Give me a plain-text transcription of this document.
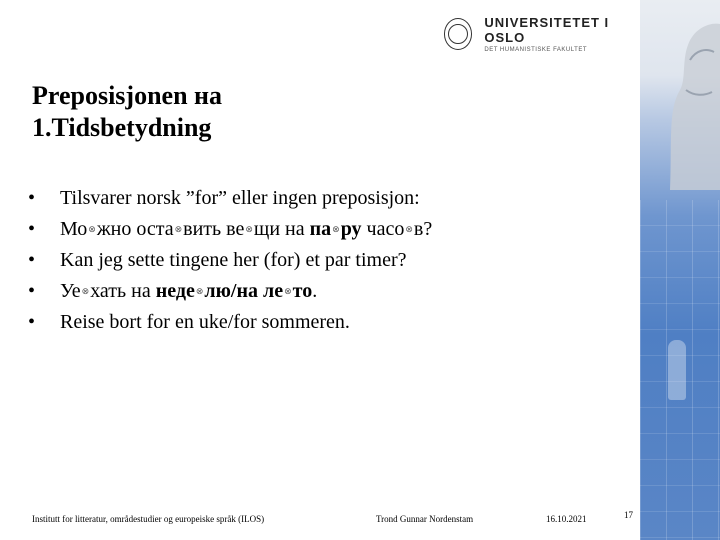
UNIVERSITETET I OSLO
DET HUMANISTISKE FAKULTET
Preposisjonen на
1.Tidsbetydning
•	Tilsvarer norsk ”for” eller ingen preposisjon:
•	Мо⊗жно оста⊗вить ве⊗щи на па⊗ру часо⊗в?
•	Kan jeg sette tingene her (for) et par timer?
•	Уе⊗хать на неде⊗лю/на ле⊗то.
•	Reise bort for en uke/for sommeren.
Institutt for litteratur, områdestudier og europeiske språk (ILOS)	Trond Gunnar Nordenstam	16.10.2021	17
